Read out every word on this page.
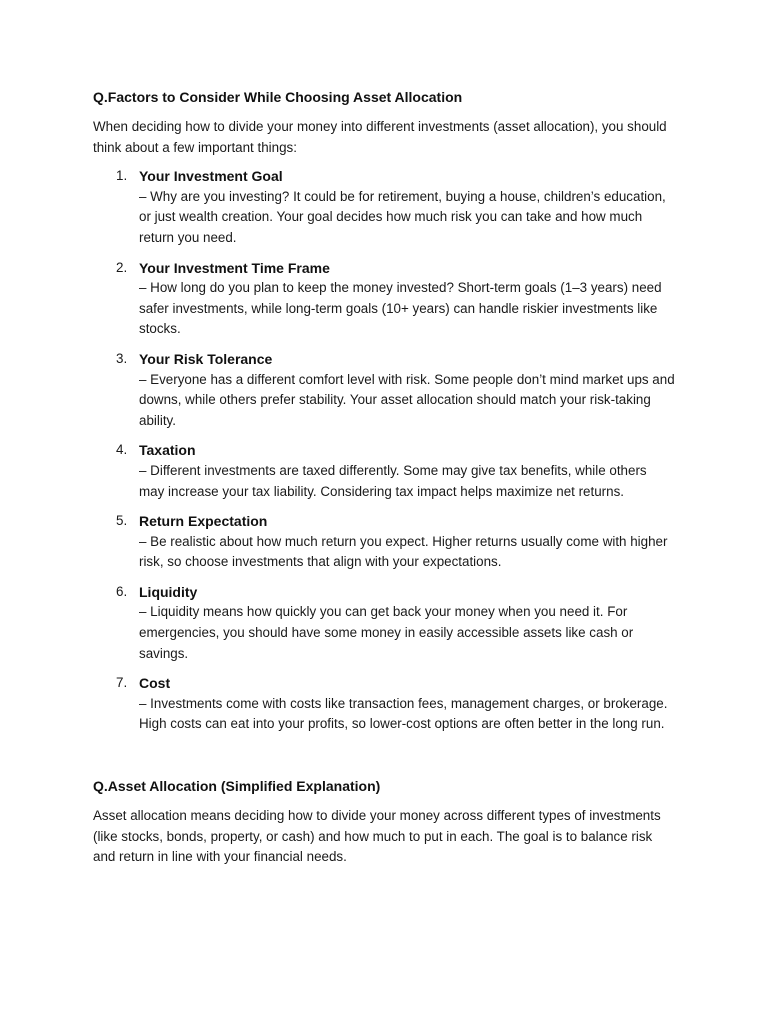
Q.Factors to Consider While Choosing Asset Allocation

When deciding how to divide your money into different investments (asset allocation), you should think about a few important things:

1. Your Investment Goal
– Why are you investing? It could be for retirement, buying a house, children’s education, or just wealth creation. Your goal decides how much risk you can take and how much return you need.
2. Your Investment Time Frame
– How long do you plan to keep the money invested? Short-term goals (1–3 years) need safer investments, while long-term goals (10+ years) can handle riskier investments like stocks.
3. Your Risk Tolerance
– Everyone has a different comfort level with risk. Some people don’t mind market ups and downs, while others prefer stability. Your asset allocation should match your risk-taking ability.
4. Taxation
– Different investments are taxed differently. Some may give tax benefits, while others may increase your tax liability. Considering tax impact helps maximize net returns.
5. Return Expectation
– Be realistic about how much return you expect. Higher returns usually come with higher risk, so choose investments that align with your expectations.
6. Liquidity
– Liquidity means how quickly you can get back your money when you need it. For emergencies, you should have some money in easily accessible assets like cash or savings.
7. Cost
– Investments come with costs like transaction fees, management charges, or brokerage. High costs can eat into your profits, so lower-cost options are often better in the long run.
Q.Asset Allocation (Simplified Explanation)

Asset allocation means deciding how to divide your money across different types of investments (like stocks, bonds, property, or cash) and how much to put in each. The goal is to balance risk and return in line with your financial needs.
